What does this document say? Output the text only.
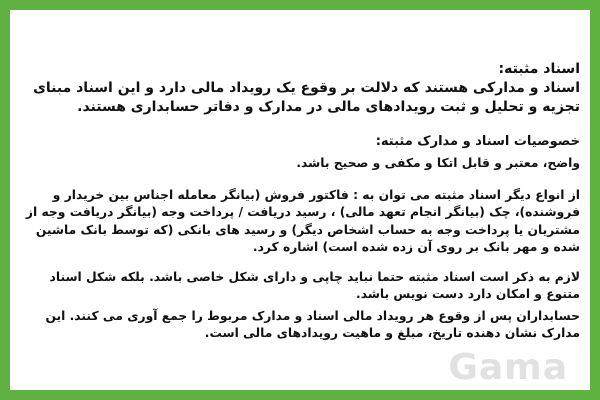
اسناد مثبته:

اسناد و مدارکی هستند که دلالت بر وقوع یک رویداد مالی دارد و این اسناد مبنای تجزیه و تحلیل و ثبت رویدادهای مالی در مدارک و دفاتر حسابداری هستند.

خصوصیات اسناد و مدارک مثبته:

واضح، معتبر و قابل اتکا و مکفی و صحیح باشد.

از انواع دیگر اسناد مثبته می توان به : فاکتور فروش (بیانگر معامله اجناس بین خریدار و فروشنده)، چک (بیانگر انجام تعهد مالی) ، رسید دریافت / پرداخت وجه (بیانگر دریافت وجه از مشتریان یا پرداخت وجه به حساب اشخاص دیگر) و رسید های بانکی (که توسط بانک ماشین شده و مهر بانک بر روی آن زده شده است) اشاره کرد.

لازم به ذکر است اسناد مثبته حتما نباید چاپی و دارای شکل خاصی باشد. بلکه شکل اسناد متنوع و امکان دارد دست نویس باشد.

حسابداران پس از وقوع هر رویداد مالی اسناد و مدارک مربوط را جمع آوری می کنند. این مدارک نشان دهنده تاریخ، مبلغ و ماهیت رویدادهای مالی است.

Gama
